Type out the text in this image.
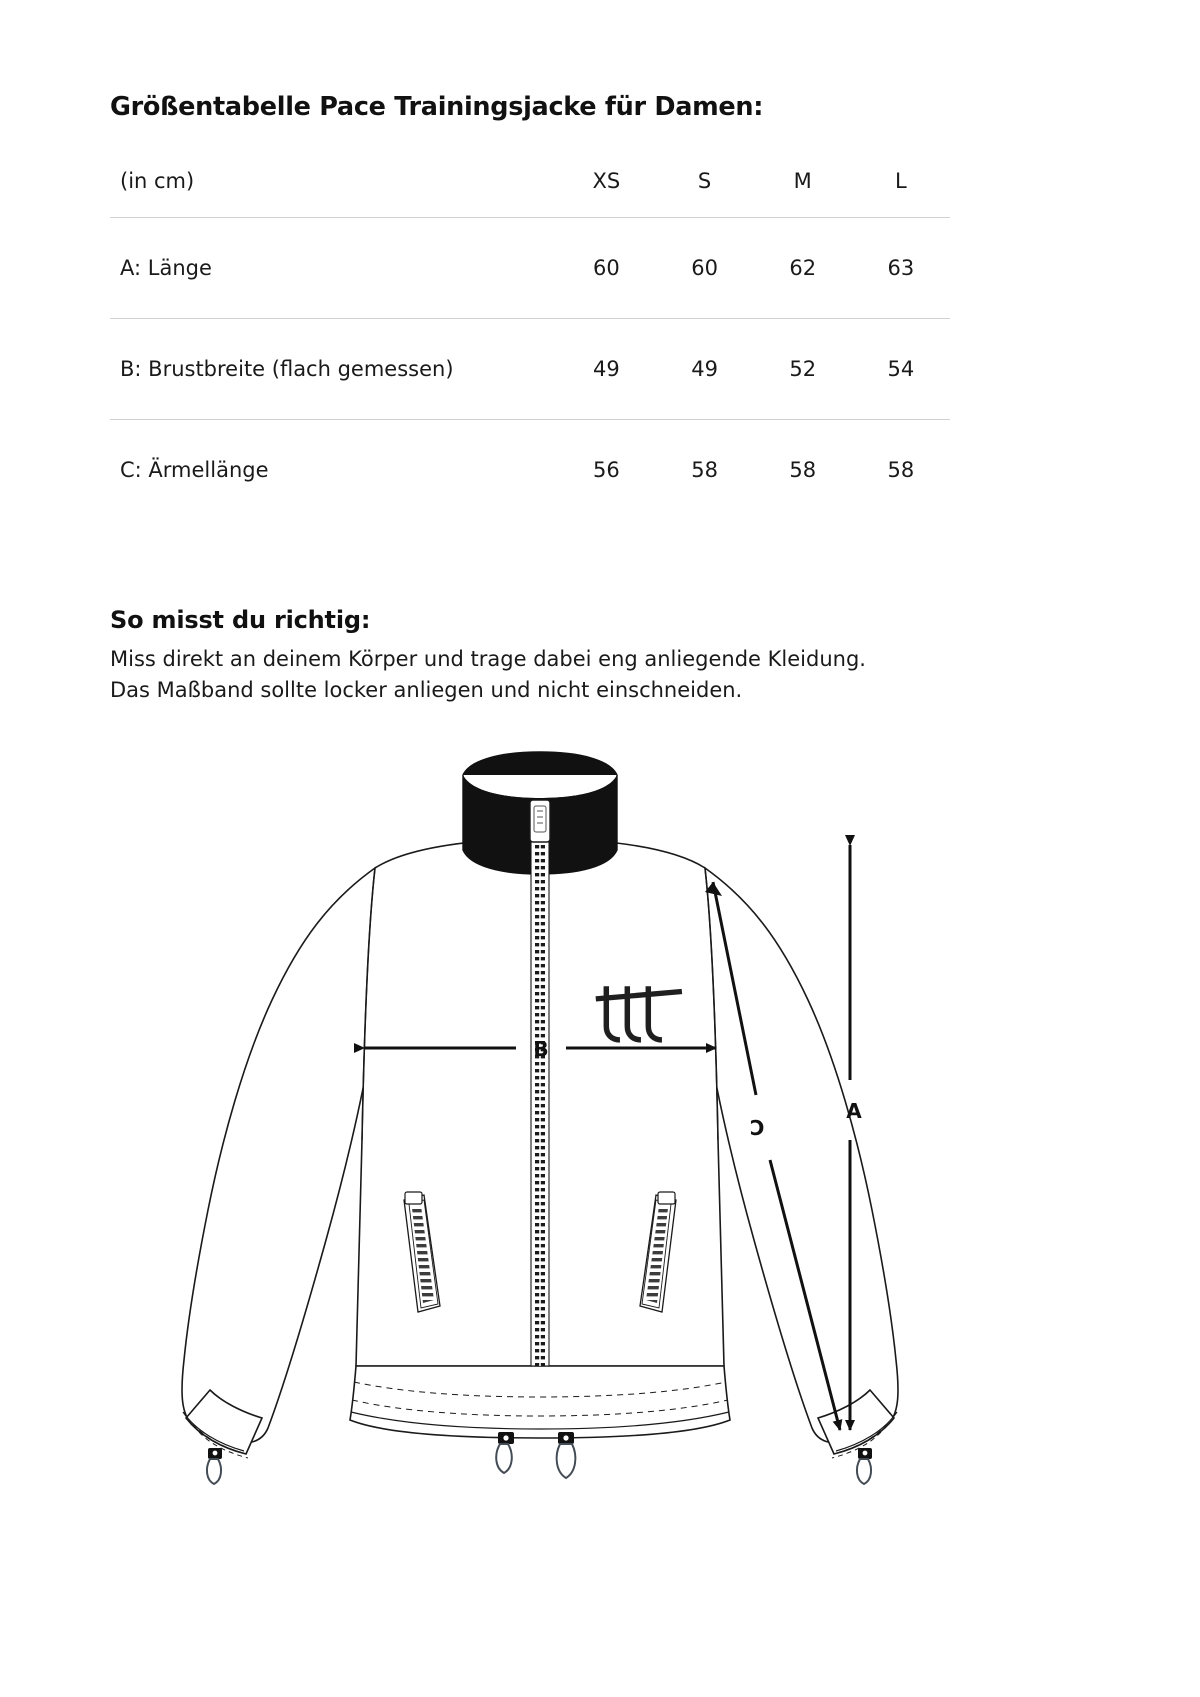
Größentabelle Pace Trainingsjacke für Damen:
(in cm)	XS	S	M	L
A: Länge	60	60	62	63
B: Brustbreite (flach gemessen)	49	49	52	54
C: Ärmellänge	56	58	58	58
So misst du richtig:
Miss direkt an deinem Körper und trage dabei eng anliegende Kleidung.
Das Maßband sollte locker anliegen und nicht einschneiden.
B
A
C
